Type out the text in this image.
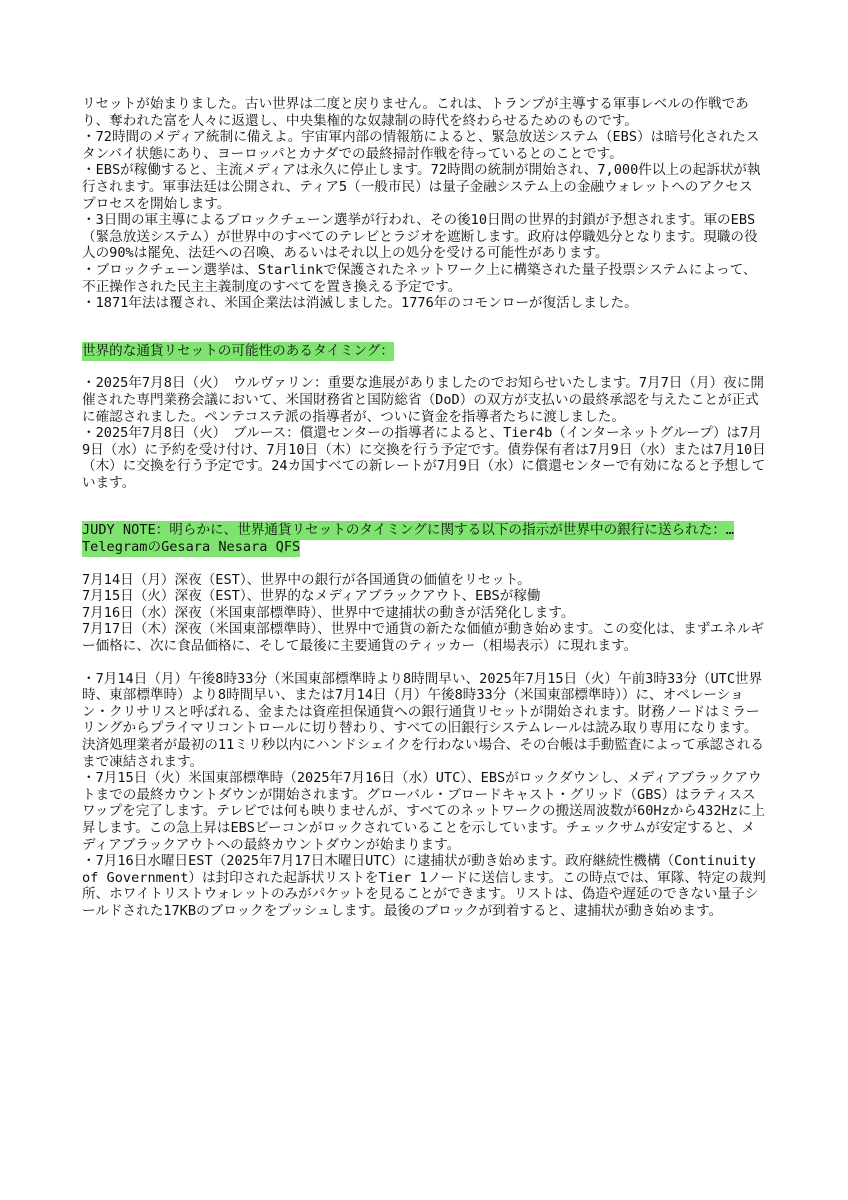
リセットが始まりました。古い世界は二度と戻りません。これは、トランプが主導する軍事レベルの作戦であり、奪われた富を人々に返還し、中央集権的な奴隷制の時代を終わらせるためのものです。

・72時間のメディア統制に備えよ。宇宙軍内部の情報筋によると、緊急放送システム（EBS）は暗号化されたスタンバイ状態にあり、ヨーロッパとカナダでの最終掃討作戦を待っているとのことです。

・EBSが稼働すると、主流メディアは永久に停止します。72時間の統制が開始され、7,000件以上の起訴状が執行されます。軍事法廷は公開され、ティア5（一般市民）は量子金融システム上の金融ウォレットへのアクセスプロセスを開始します。

・3日間の軍主導によるブロックチェーン選挙が行われ、その後10日間の世界的封鎖が予想されます。軍のEBS（緊急放送システム）が世界中のすべてのテレビとラジオを遮断します。政府は停職処分となります。現職の役人の90%は罷免、法廷への召喚、あるいはそれ以上の処分を受ける可能性があります。

・ブロックチェーン選挙は、Starlinkで保護されたネットワーク上に構築された量子投票システムによって、不正操作された民主主義制度のすべてを置き換える予定です。

・1871年法は覆され、米国企業法は消滅しました。1776年のコモンローが復活しました。

世界的な通貨リセットの可能性のあるタイミング：

・2025年7月8日（火）　ウルヴァリン：重要な進展がありましたのでお知らせいたします。7月7日（月）夜に開催された専門業務会議において、米国財務省と国防総省（DoD）の双方が支払いの最終承認を与えたことが正式に確認されました。ペンテコステ派の指導者が、ついに資金を指導者たちに渡しました。

・2025年7月8日（火）　ブルース：償還センターの指導者によると、Tier4b（インターネットグループ）は7月9日（水）に予約を受け付け、7月10日（木）に交換を行う予定です。債券保有者は7月9日（水）または7月10日（木）に交換を行う予定です。24カ国すべての新レートが7月9日（水）に償還センターで有効になると予想しています。

JUDY NOTE：明らかに、世界通貨リセットのタイミングに関する以下の指示が世界中の銀行に送られた：…TelegramのGesara Nesara QFS

7月14日（月）深夜（EST）、世界中の銀行が各国通貨の価値をリセット。

7月15日（火）深夜（EST）、世界的なメディアブラックアウト、EBSが稼働

7月16日（水）深夜（米国東部標準時）、世界中で逮捕状の動きが活発化します。

7月17日（木）深夜（米国東部標準時）、世界中で通貨の新たな価値が動き始めます。この変化は、まずエネルギー価格に、次に食品価格に、そして最後に主要通貨のティッカー（相場表示）に現れます。

・7月14日（月）午後8時33分（米国東部標準時より8時間早い、2025年7月15日（火）午前3時33分（UTC世界時、東部標準時）より8時間早い、または7月14日（月）午後8時33分（米国東部標準時））に、オペレーション・クリサリスと呼ばれる、金または資産担保通貨への銀行通貨リセットが開始されます。財務ノードはミラーリングからプライマリコントロールに切り替わり、すべての旧銀行システムレールは読み取り専用になります。決済処理業者が最初の11ミリ秒以内にハンドシェイクを行わない場合、その台帳は手動監査によって承認されるまで凍結されます。

・7月15日（火）米国東部標準時（2025年7月16日（水）UTC）、EBSがロックダウンし、メディアブラックアウトまでの最終カウントダウンが開始されます。グローバル・ブロードキャスト・グリッド（GBS）はラティススワップを完了します。テレビでは何も映りませんが、すべてのネットワークの搬送周波数が60Hzから432Hzに上昇します。この急上昇はEBSビーコンがロックされていることを示しています。チェックサムが安定すると、メディアブラックアウトへの最終カウントダウンが始まります。

・7月16日水曜日EST（2025年7月17日木曜日UTC）に逮捕状が動き始めます。政府継続性機構（Continuity of Government）は封印された起訴状リストをTier 1ノードに送信します。この時点では、軍隊、特定の裁判所、ホワイトリストウォレットのみがパケットを見ることができます。リストは、偽造や遅延のできない量子シールドされた17KBのブロックをプッシュします。最後のブロックが到着すると、逮捕状が動き始めます。
